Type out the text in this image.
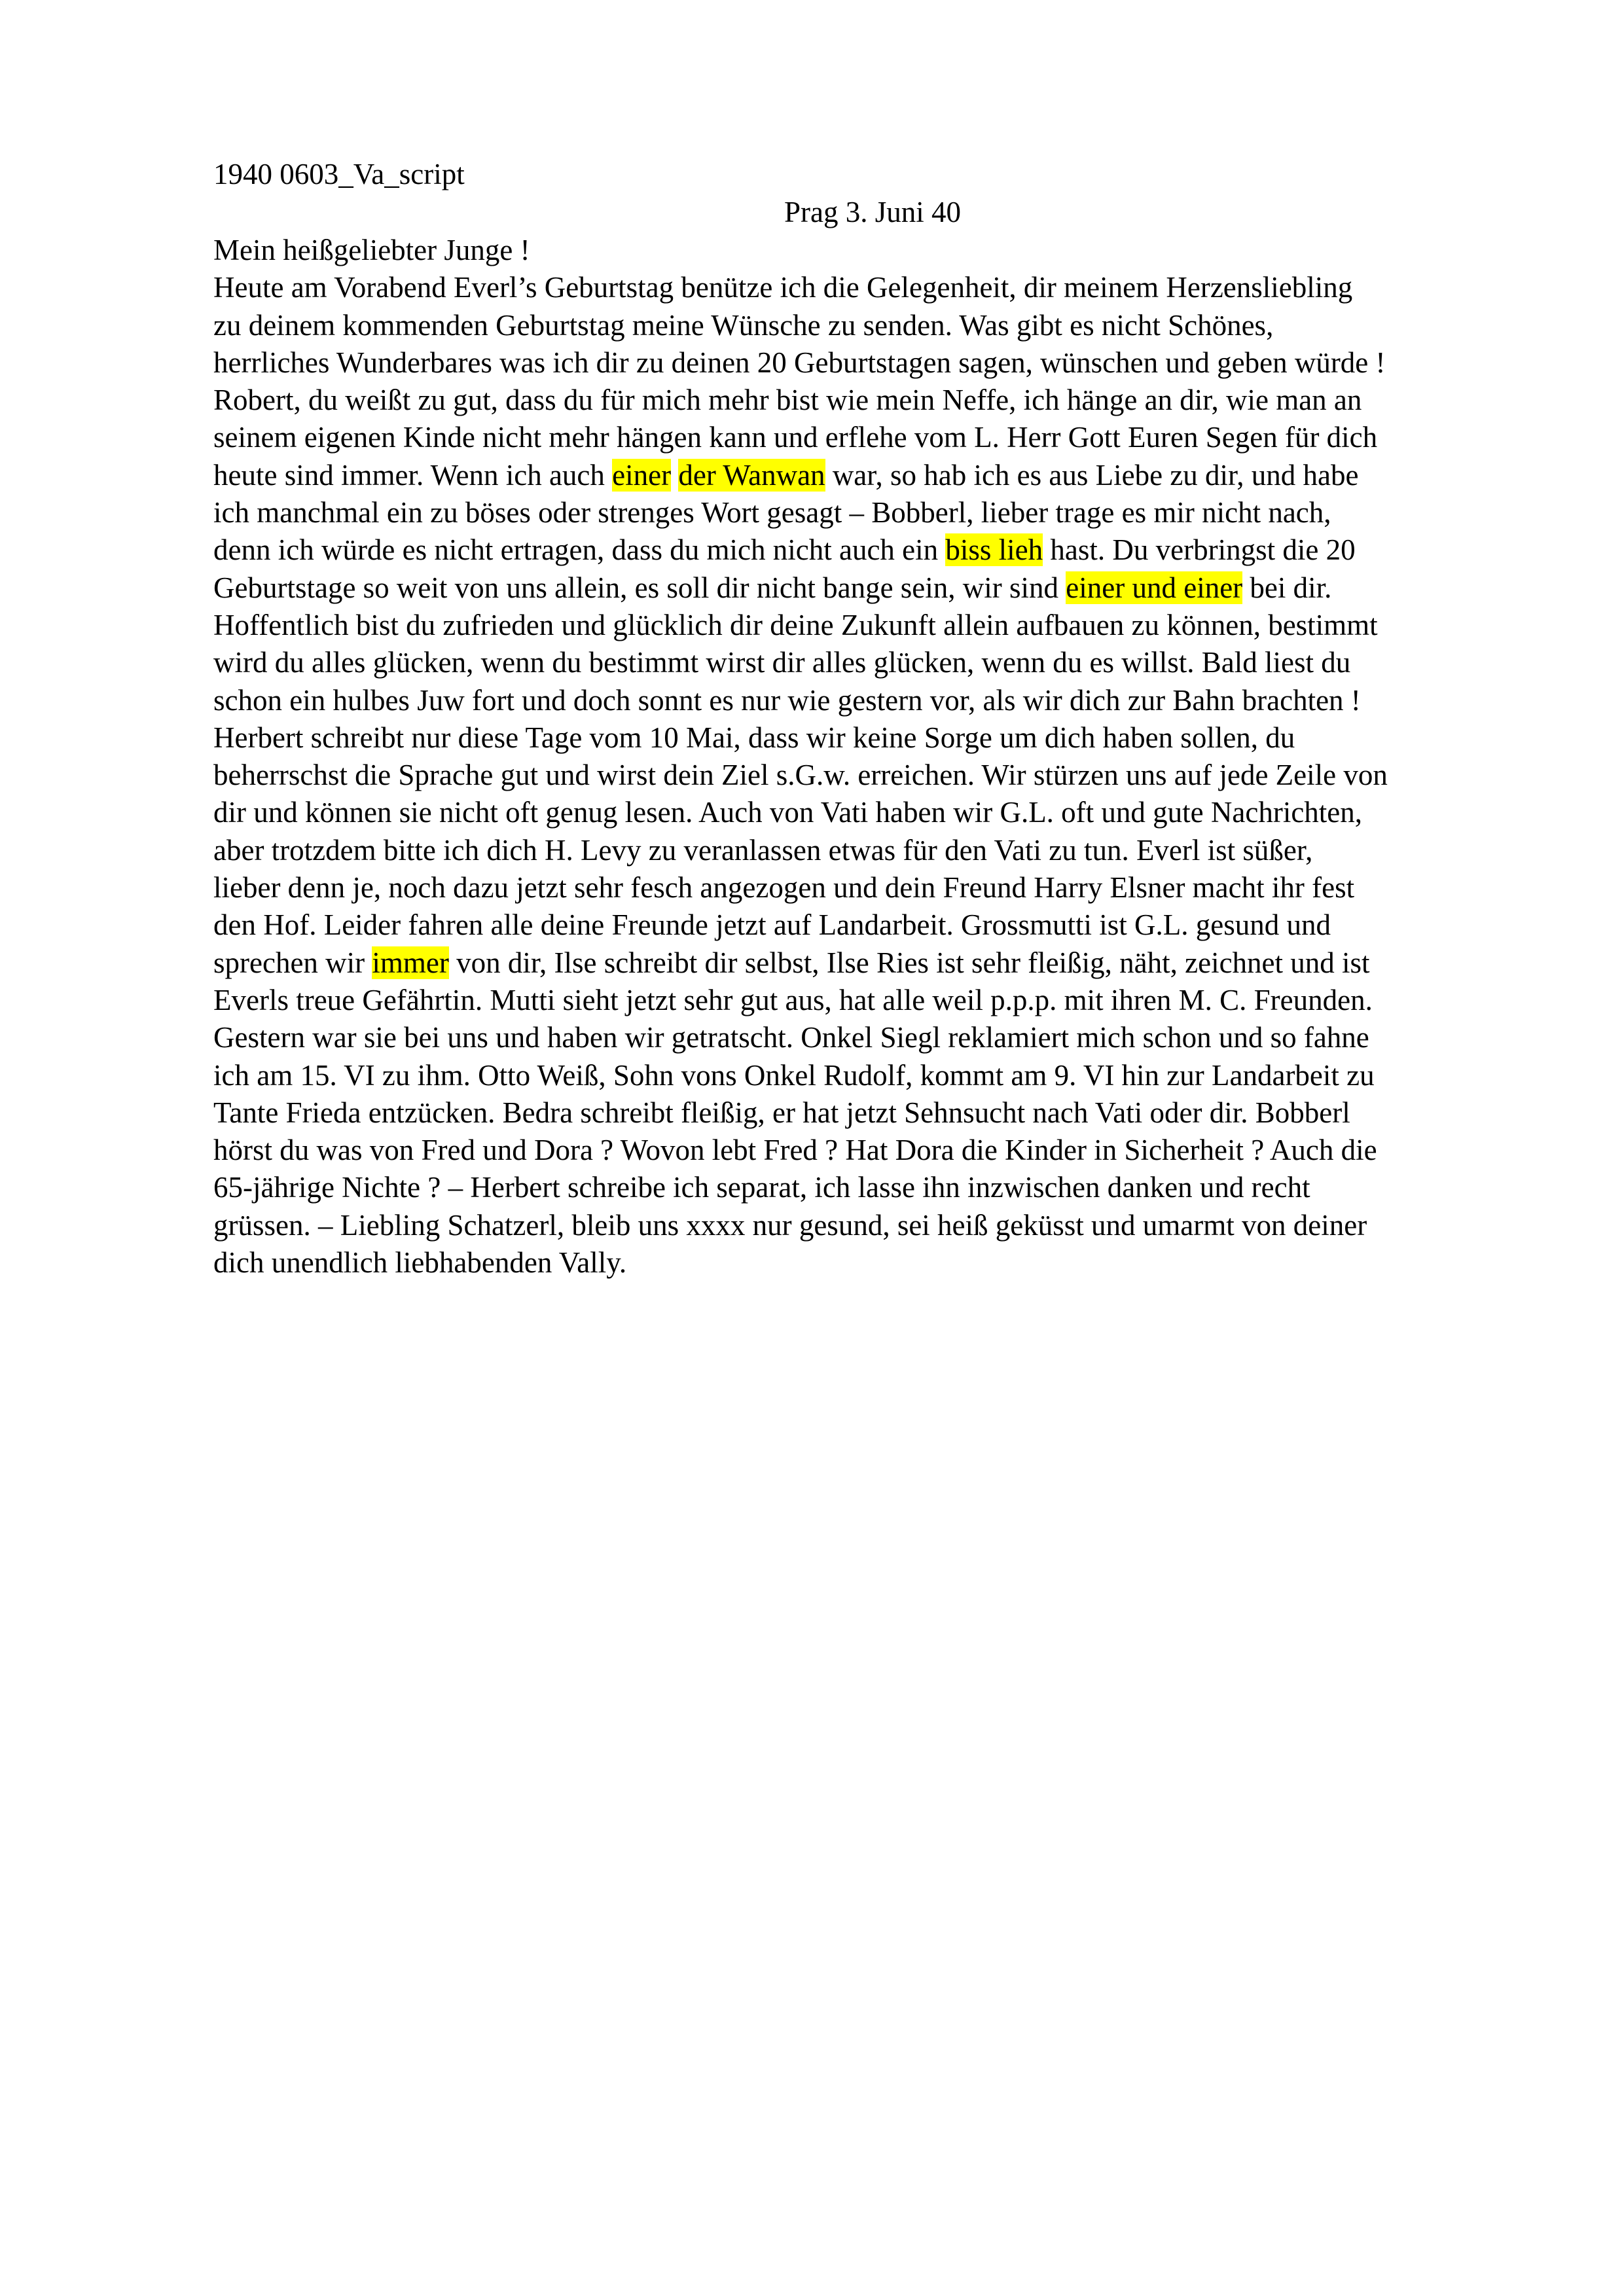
1940 0603_Va_script
Prag 3. Juni 40
Mein heißgeliebter Junge !
Heute am Vorabend Everl’s Geburtstag benütze ich die Gelegenheit, dir meinem Herzensliebling
zu deinem kommenden Geburtstag meine Wünsche zu senden. Was gibt es nicht Schönes,
herrliches Wunderbares was ich dir zu deinen 20 Geburtstagen sagen, wünschen und geben würde !
Robert, du weißt zu gut, dass du für mich mehr bist wie mein Neffe, ich hänge an dir, wie man an
seinem eigenen Kinde nicht mehr hängen kann und erflehe vom L. Herr Gott Euren Segen für dich
heute sind immer. Wenn ich auch einer der Wanwan war, so hab ich es aus Liebe zu dir, und habe
ich manchmal ein zu böses oder strenges Wort gesagt – Bobberl, lieber trage es mir nicht nach,
denn ich würde es nicht ertragen, dass du mich nicht auch ein biss lieh hast. Du verbringst die 20
Geburtstage so weit von uns allein, es soll dir nicht bange sein, wir sind einer und einer bei dir.
Hoffentlich bist du zufrieden und glücklich dir deine Zukunft allein aufbauen zu können, bestimmt
wird du alles glücken, wenn du bestimmt wirst dir alles glücken, wenn du es willst. Bald liest du
schon ein hulbes Juw fort und doch sonnt es nur wie gestern vor, als wir dich zur Bahn brachten !
Herbert schreibt nur diese Tage vom 10 Mai, dass wir keine Sorge um dich haben sollen, du
beherrschst die Sprache gut und wirst dein Ziel s.G.w. erreichen. Wir stürzen uns auf jede Zeile von
dir und können sie nicht oft genug lesen. Auch von Vati haben wir G.L. oft und gute Nachrichten,
aber trotzdem bitte ich dich H. Levy zu veranlassen etwas für den Vati zu tun. Everl ist süßer,
lieber denn je, noch dazu jetzt sehr fesch angezogen und dein Freund Harry Elsner macht ihr fest
den Hof. Leider fahren alle deine Freunde jetzt auf Landarbeit. Grossmutti ist G.L. gesund und
sprechen wir immer von dir, Ilse schreibt dir selbst, Ilse Ries ist sehr fleißig, näht, zeichnet und ist
Everls treue Gefährtin. Mutti sieht jetzt sehr gut aus, hat alle weil p.p.p. mit ihren M. C. Freunden.
Gestern war sie bei uns und haben wir getratscht. Onkel Siegl reklamiert mich schon und so fahne
ich am 15. VI zu ihm. Otto Weiß, Sohn vons Onkel Rudolf, kommt am 9. VI hin zur Landarbeit zu
Tante Frieda entzücken. Bedra schreibt fleißig, er hat jetzt Sehnsucht nach Vati oder dir. Bobberl
hörst du was von Fred und Dora ? Wovon lebt Fred ? Hat Dora die Kinder in Sicherheit ? Auch die
65-jährige Nichte ? – Herbert schreibe ich separat, ich lasse ihn inzwischen danken und recht
grüssen. – Liebling Schatzerl, bleib uns xxxx nur gesund, sei heiß geküsst und umarmt von deiner
dich unendlich liebhabenden Vally.
